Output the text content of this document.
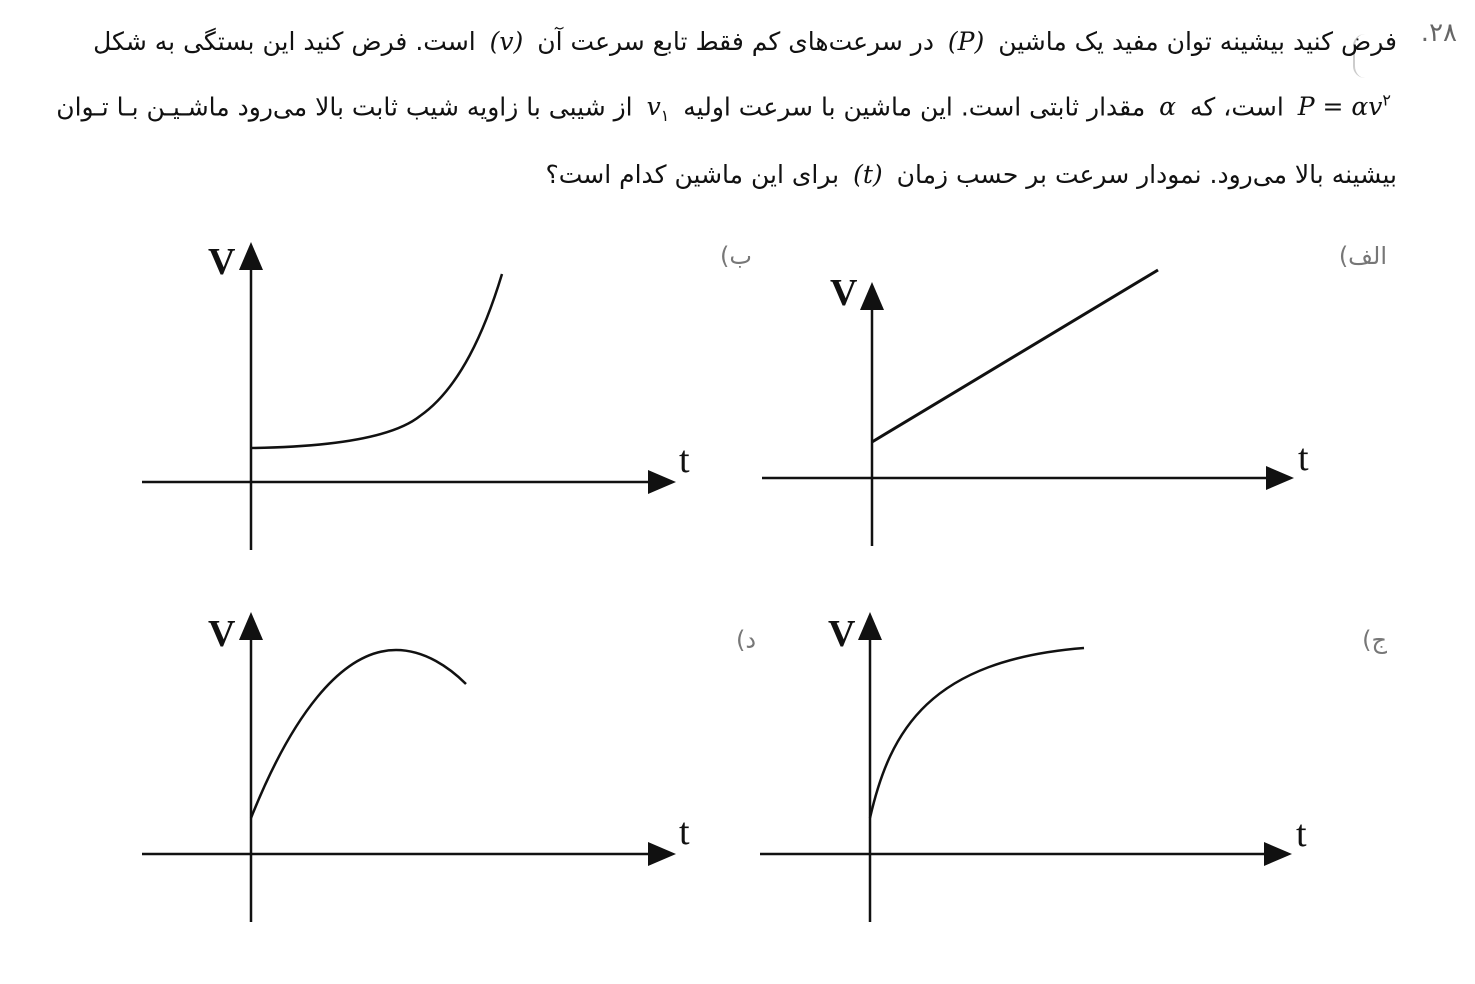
۲۸.
فرض کنید بیشینه توان مفید یک ماشین (P) در سرعت‌های کم فقط تابع سرعت آن (v) است. فرض کنید این بستگی به شکل
$P = \alpha v^۲$ است، که α مقدار ثابتی است. این ماشین با سرعت اولیه $v_۱$ از شیبی با زاویه شیب ثابت بالا می‌رود ماشـیـن بـا تـوان
بیشینه بالا می‌رود. نمودار سرعت بر حسب زمان (t) برای این ماشین کدام است؟
الف)
ب)
ج)
د)
V
t
V
t
V
t
V
t
